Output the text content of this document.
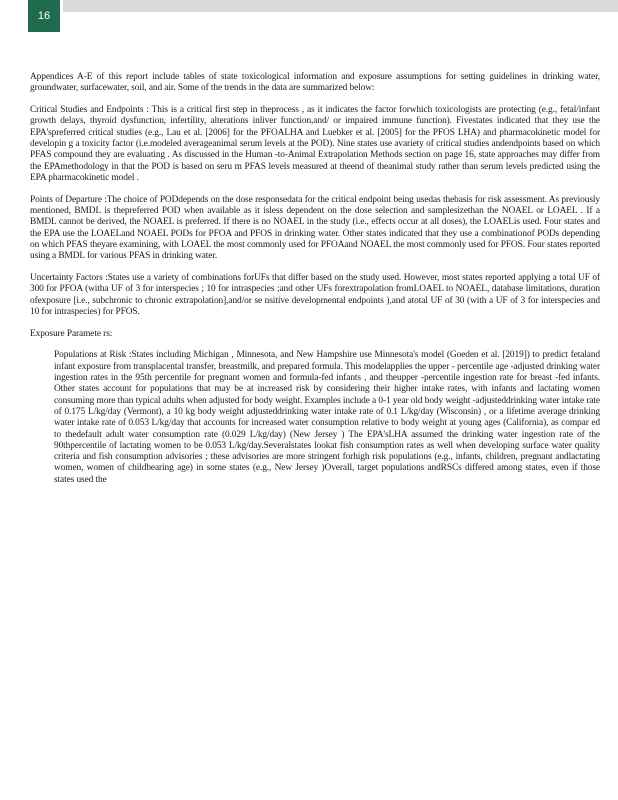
16

Appendices A-E of this report include tables of state toxicological information and exposure assumptions for setting guidelines in drinking water, groundwater, surfacewater, soil, and air. Some of the trends in the data are summarized below:

Critical Studies and Endpoints : This is a critical first step in theprocess , as it indicates the factor forwhich toxicologists are protecting (e.g., fetal/infant growth delays, thyroid dysfunction, infertility, alterations inliver function,and/ or impaired immune function). Fivestates indicated that they use the EPA'spreferred critical studies (e.g., Lau et al. [2006] for the PFOALHA and Luebker et al. [2005] for the PFOS LHA) and pharmacokinetic model for developin g a toxicity factor (i.e.modeled averageanimal serum levels at the POD). Nine states use avariety of critical studies andendpoints based on which PFAS compound they are evaluating . As discussed in the Human -to-Animal Extrapolation Methods section on page 16, state approaches may differ from the EPAmethodology in that the POD is based on seru m PFAS levels measured at theend of theanimal study rather than serum levels predicted using the EPA pharmacokinetic model .

Points of Departure :The choice of PODdepends on the dose responsedata for the critical endpoint being usedas thebasis for risk assessment. As previously mentioned, BMDL is thepreferred POD when available as it isless dependent on the dose selection and samplesizethan the NOAEL or LOAEL . If a BMDL cannot be derived, the NOAEL is preferred. If there is no NOAEL in the study (i.e., effects occur at all doses), the LOAELis used. Four states and the EPA use the LOAELand NOAEL PODs for PFOA and PFOS in drinking water. Other states indicated that they use a combinationof PODs depending on which PFAS theyare examining, with LOAEL the most commonly used for PFOAand NOAEL the most commonly used for PFOS. Four states reported using a BMDL for various PFAS in drinking water.

Uncertainty Factors :States use a variety of combinations forUFs that differ based on the study used. However, most states reported applying a total UF of 300 for PFOA (witha UF of 3 for interspecies ; 10 for intraspecies ;and other UFs forextrapolation fromLOAEL to NOAEL, database limitations, duration ofexposure [i.e., subchronic to chronic extrapolation],and/or se nsitive developmental endpoints ),and atotal UF of 30 (with a UF of 3 for interspecies and 10 for intraspecies) for PFOS.

Exposure Paramete rs:

Populations at Risk :States including Michigan , Minnesota, and New Hampshire use Minnesota's model (Goeden et al. [2019]) to predict fetaland infant exposure from transplacental transfer, breastmilk, and prepared formula. This modelapplies the upper - percentile age -adjusted drinking water ingestion rates in the 95th percentile for pregnant women and formula-fed infants , and theupper -percentile ingestion rate for breast -fed infants. Other states account for populations that may be at increased risk by considering their higher intake rates, with infants and lactating women consuming more than typical adults when adjusted for body weight. Examples include a 0-1 year old body weight -adjusteddrinking water intake rate of 0.175 L/kg/day (Vermont), a 10 kg body weight adjusteddrinking water intake rate of 0.1 L/kg/day (Wisconsin) , or a lifetime average drinking water intake rate of 0.053 L/kg/day that accounts for increased water consumption relative to body weight at young ages (California), as compar ed to thedefault adult water consumption rate (0.029 L/kg/day) (New Jersey ) The EPA'sLHA assumed the drinking water ingestion rate of the 90thpercentile of lactating women to be 0.053 L/kg/day.Severalstates lookat fish consumption rates as well when developing surface water quality criteria and fish consumption advisories ; these advisories are more stringent forhigh risk populations (e.g., infants, children, pregnant andlactating women, women of childbearing age) in some states (e.g., New Jersey )Overall, target populations andRSCs differed among states, even if those states used the
